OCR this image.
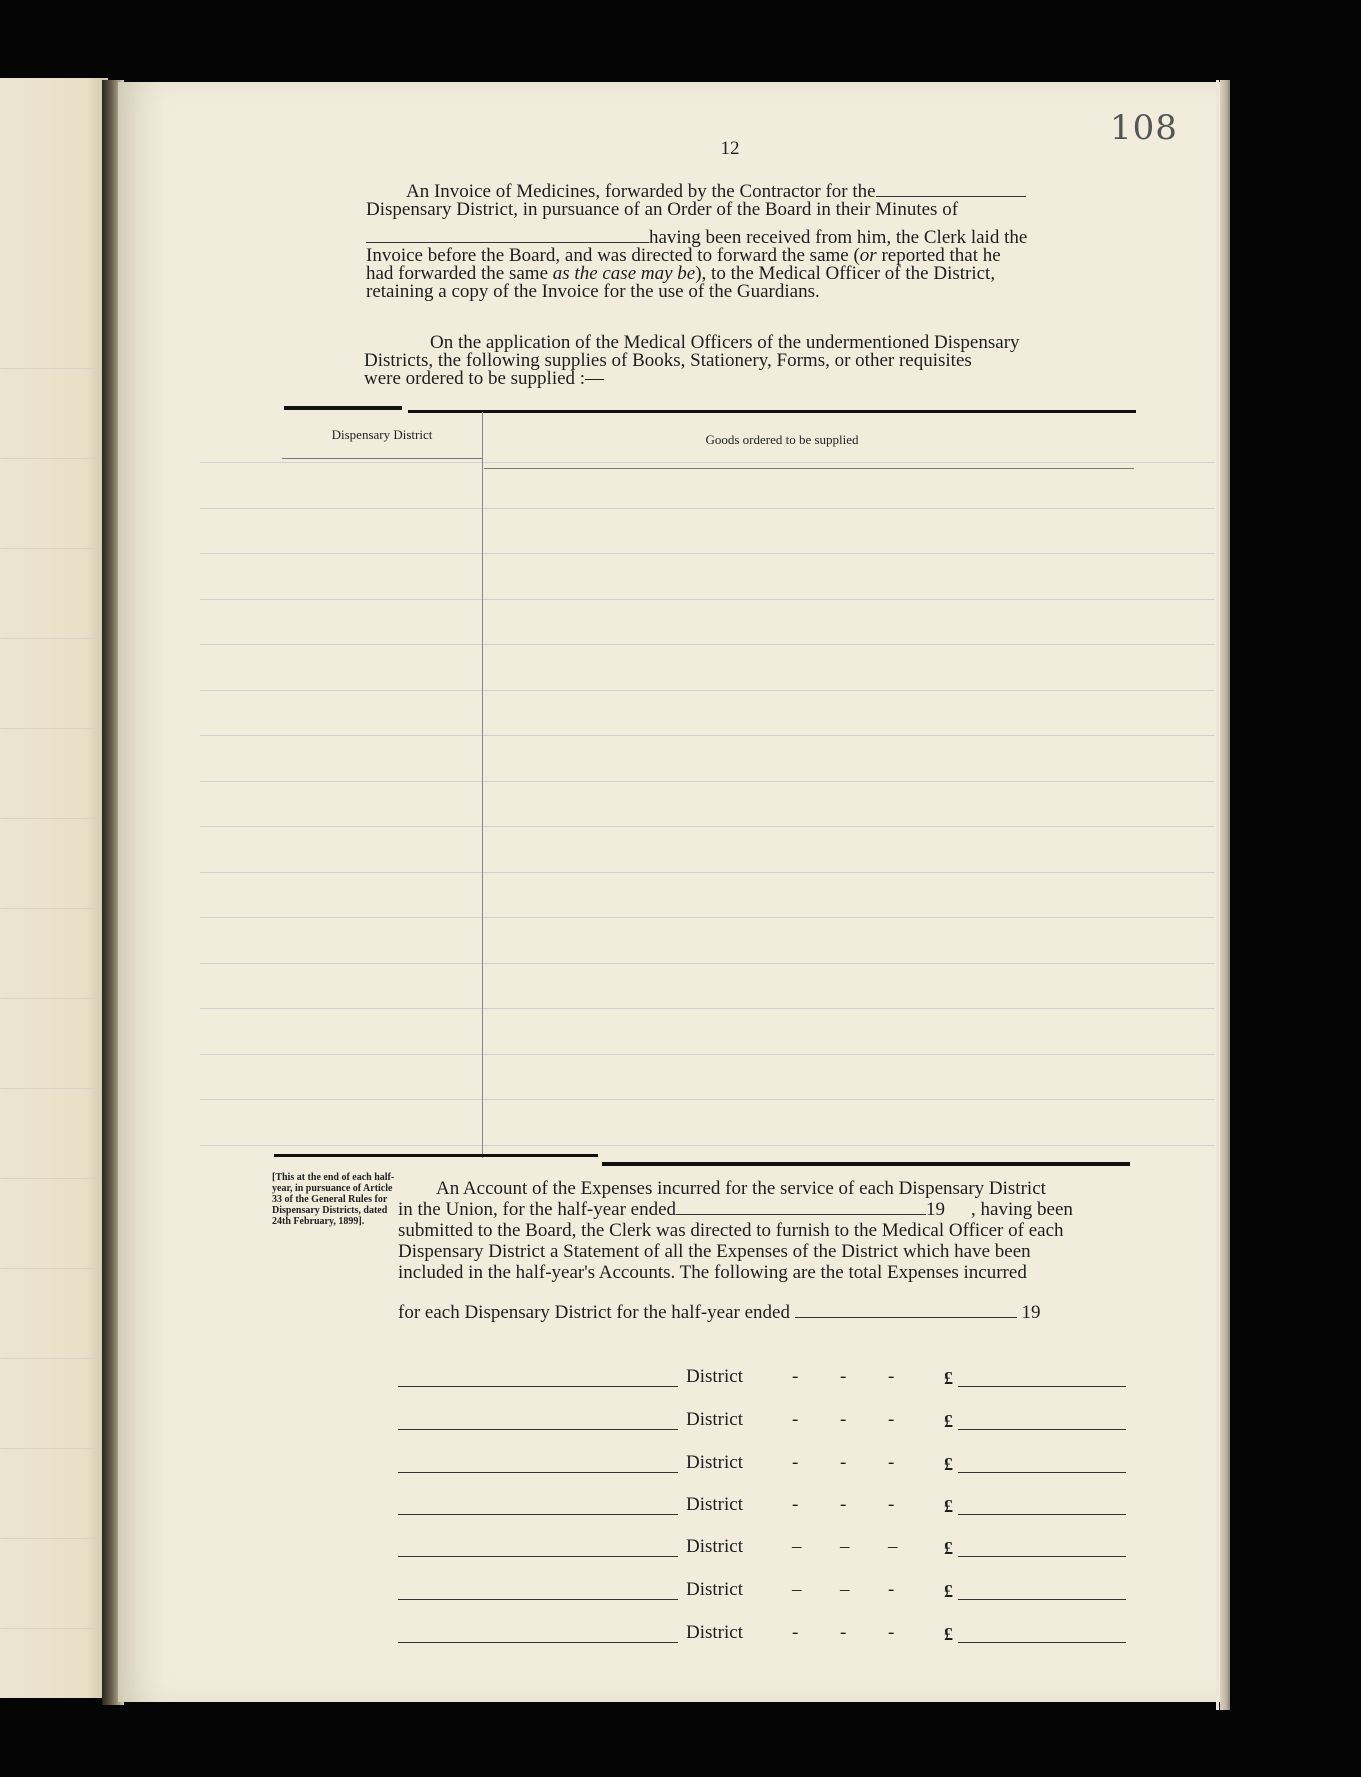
108
12
An Invoice of Medicines, forwarded by the Contractor for the
Dispensary District, in pursuance of an Order of the Board in their Minutes of
having been received from him, the Clerk laid the
Invoice before the Board, and was directed to forward the same (or reported that he
had forwarded the same as the case may be), to the Medical Officer of the District,
retaining a copy of the Invoice for the use of the Guardians.
On the application of the Medical Officers of the undermentioned Dispensary
Districts, the following supplies of Books, Stationery, Forms, or other requisites
were ordered to be supplied :—
Dispensary District	Goods ordered to be supplied
[This at the end of each half-year, in pursuance of Article 33 of the General Rules for Dispensary Districts, dated 24th February, 1899].
An Account of the Expenses incurred for the service of each Dispensary District
in the Union, for the half-year ended	19 , having been
submitted to the Board, the Clerk was directed to furnish to the Medical Officer of each
Dispensary District a Statement of all the Expenses of the District which have been
included in the half-year's Accounts. The following are the total Expenses incurred
for each Dispensary District for the half-year ended	19
District	- - -	£
District	- - -	£
District	- - -	£
District	- - -	£
District	– – –	£
District	– – -	£
District	- - -	£
